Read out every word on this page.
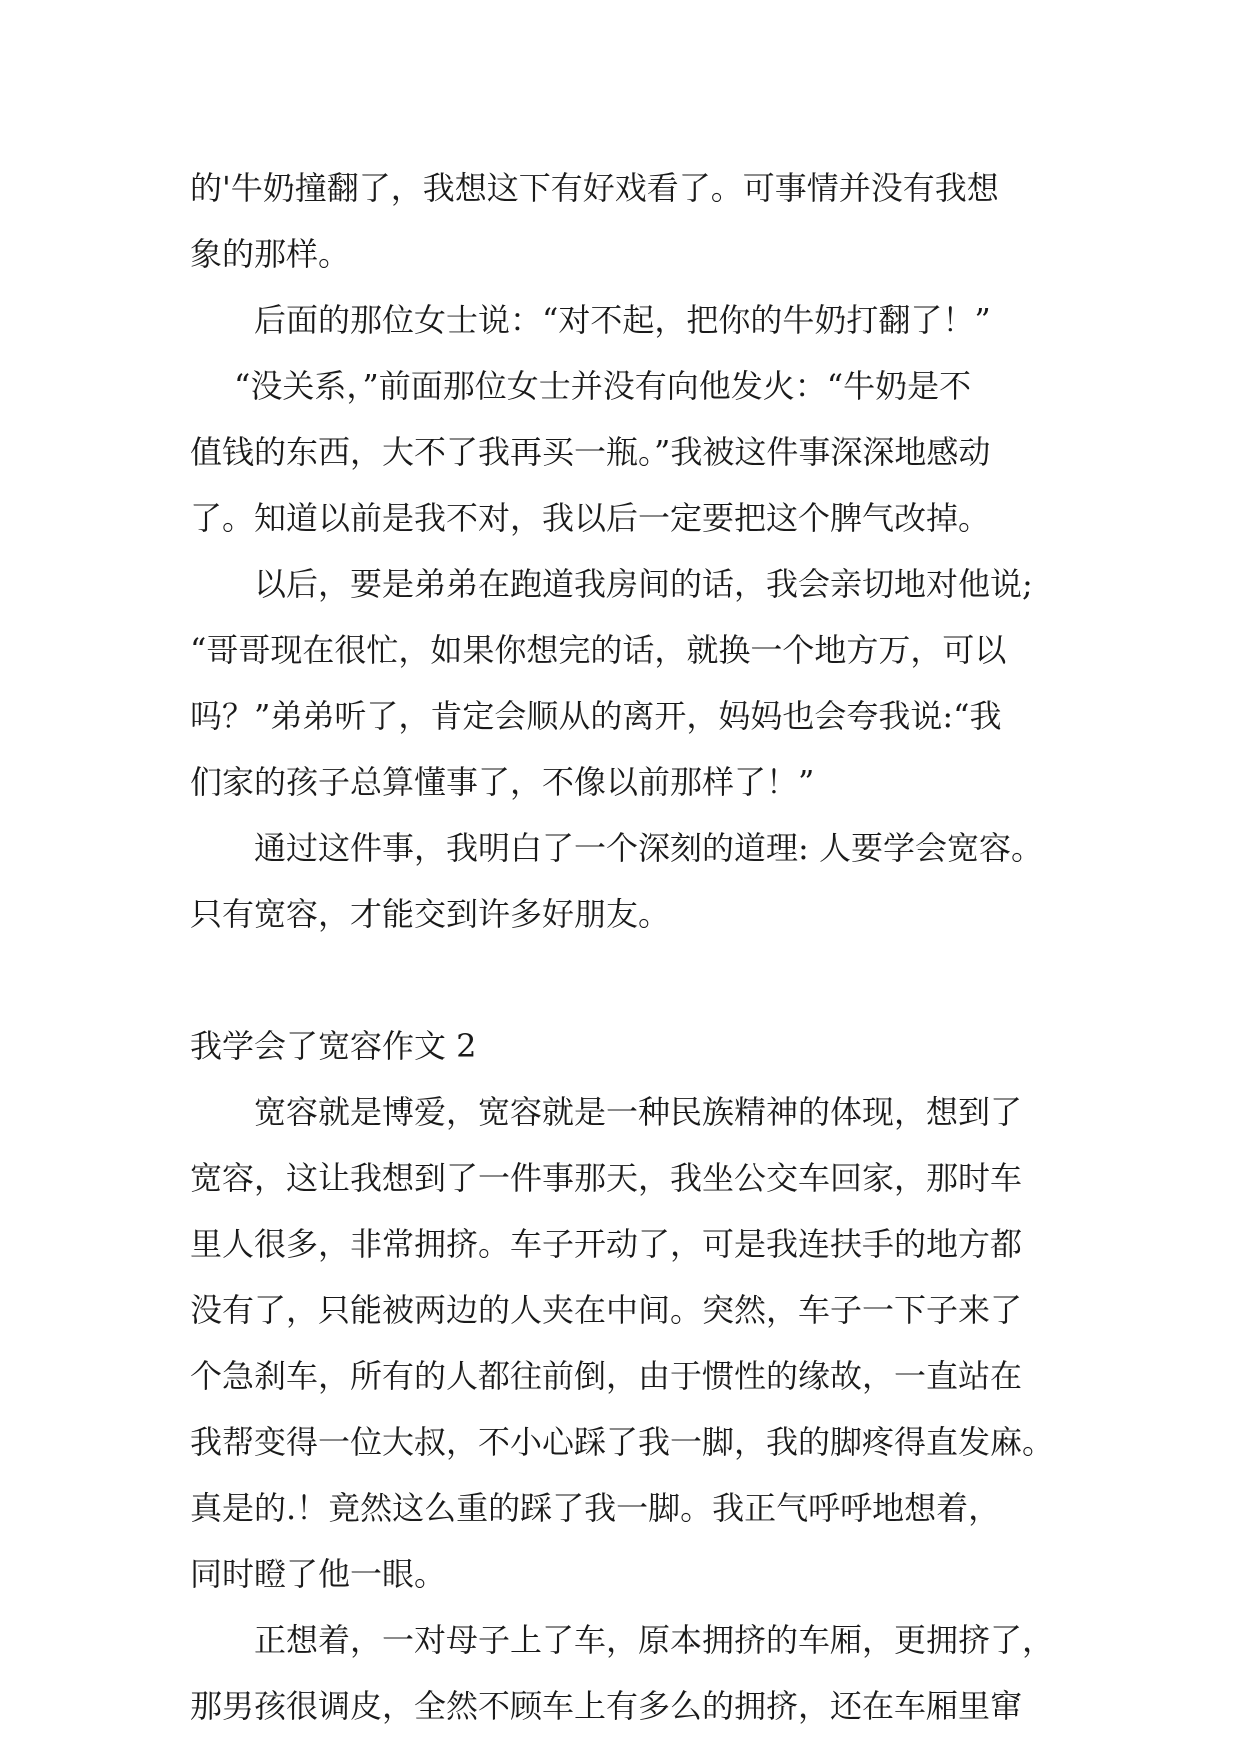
的'牛奶撞翻了，我想这下有好戏看了。可事情并没有我想

象的那样。

后面的那位女士说：“对不起，把你的牛奶打翻了！”

“没关系，”前面那位女士并没有向他发火：“牛奶是不

值钱的东西，大不了我再买一瓶。”我被这件事深深地感动

了。知道以前是我不对，我以后一定要把这个脾气改掉。

以后，要是弟弟在跑道我房间的话，我会亲切地对他说;

“哥哥现在很忙，如果你想完的话，就换一个地方万，可以

吗？”弟弟听了，肯定会顺从的离开，妈妈也会夸我说:“我

们家的孩子总算懂事了，不像以前那样了！”

通过这件事，我明白了一个深刻的道理: 人要学会宽容。

只有宽容，才能交到许多好朋友。

我学会了宽容作文 2

宽容就是博爱，宽容就是一种民族精神的体现，想到了

宽容，这让我想到了一件事那天，我坐公交车回家，那时车

里人很多，非常拥挤。车子开动了，可是我连扶手的地方都

没有了，只能被两边的人夹在中间。突然，车子一下子来了

个急刹车，所有的人都往前倒，由于惯性的缘故，一直站在

我帮变得一位大叔，不小心踩了我一脚，我的脚疼得直发麻。

真是的.！竟然这么重的踩了我一脚。我正气呼呼地想着，

同时瞪了他一眼。

正想着，一对母子上了车，原本拥挤的车厢，更拥挤了，

那男孩很调皮，全然不顾车上有多么的拥挤，还在车厢里窜
